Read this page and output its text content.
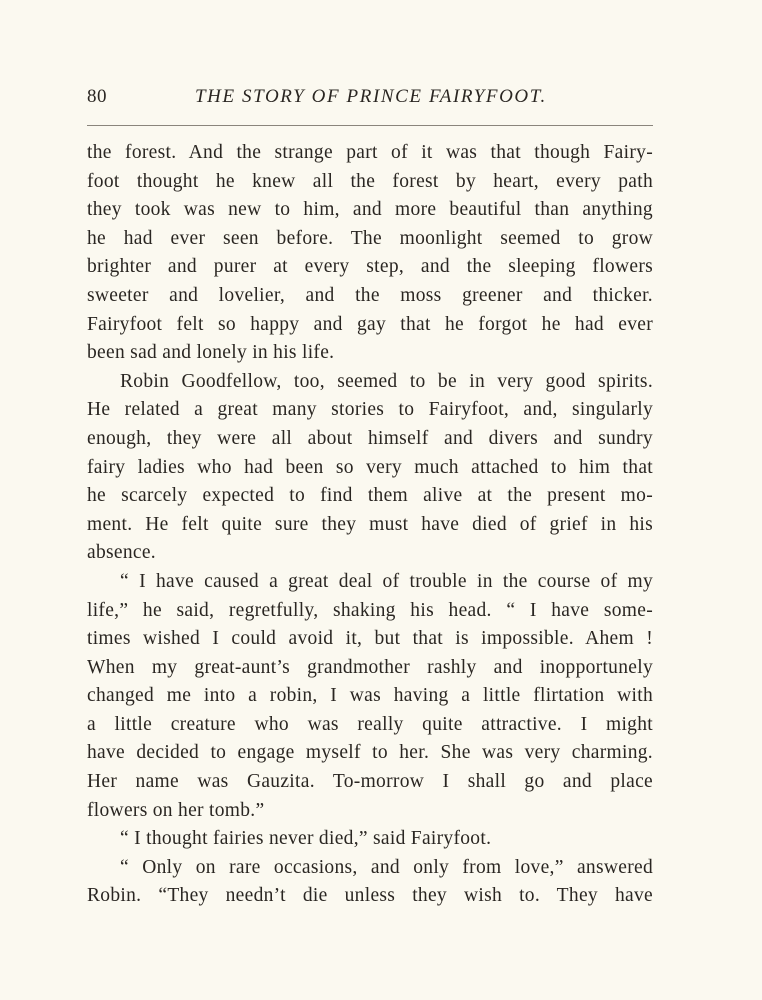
80	THE STORY OF PRINCE FAIRYFOOT.
the forest. And the strange part of it was that though Fairy-
foot thought he knew all the forest by heart, every path
they took was new to him, and more beautiful than anything
he had ever seen before. The moonlight seemed to grow
brighter and purer at every step, and the sleeping flowers
sweeter and lovelier, and the moss greener and thicker.
Fairyfoot felt so happy and gay that he forgot he had ever
been sad and lonely in his life.
Robin Goodfellow, too, seemed to be in very good spirits.
He related a great many stories to Fairyfoot, and, singularly
enough, they were all about himself and divers and sundry
fairy ladies who had been so very much attached to him that
he scarcely expected to find them alive at the present mo-
ment. He felt quite sure they must have died of grief in his
absence.
“ I have caused a great deal of trouble in the course of my
life,” he said, regretfully, shaking his head. “ I have some-
times wished I could avoid it, but that is impossible. Ahem !
When my great-aunt’s grandmother rashly and inopportunely
changed me into a robin, I was having a little flirtation with
a little creature who was really quite attractive. I might
have decided to engage myself to her. She was very charming.
Her name was Gauzita. To-morrow I shall go and place
flowers on her tomb.”
“ I thought fairies never died,” said Fairyfoot.
“ Only on rare occasions, and only from love,” answered
Robin. “They needn’t die unless they wish to. They have
